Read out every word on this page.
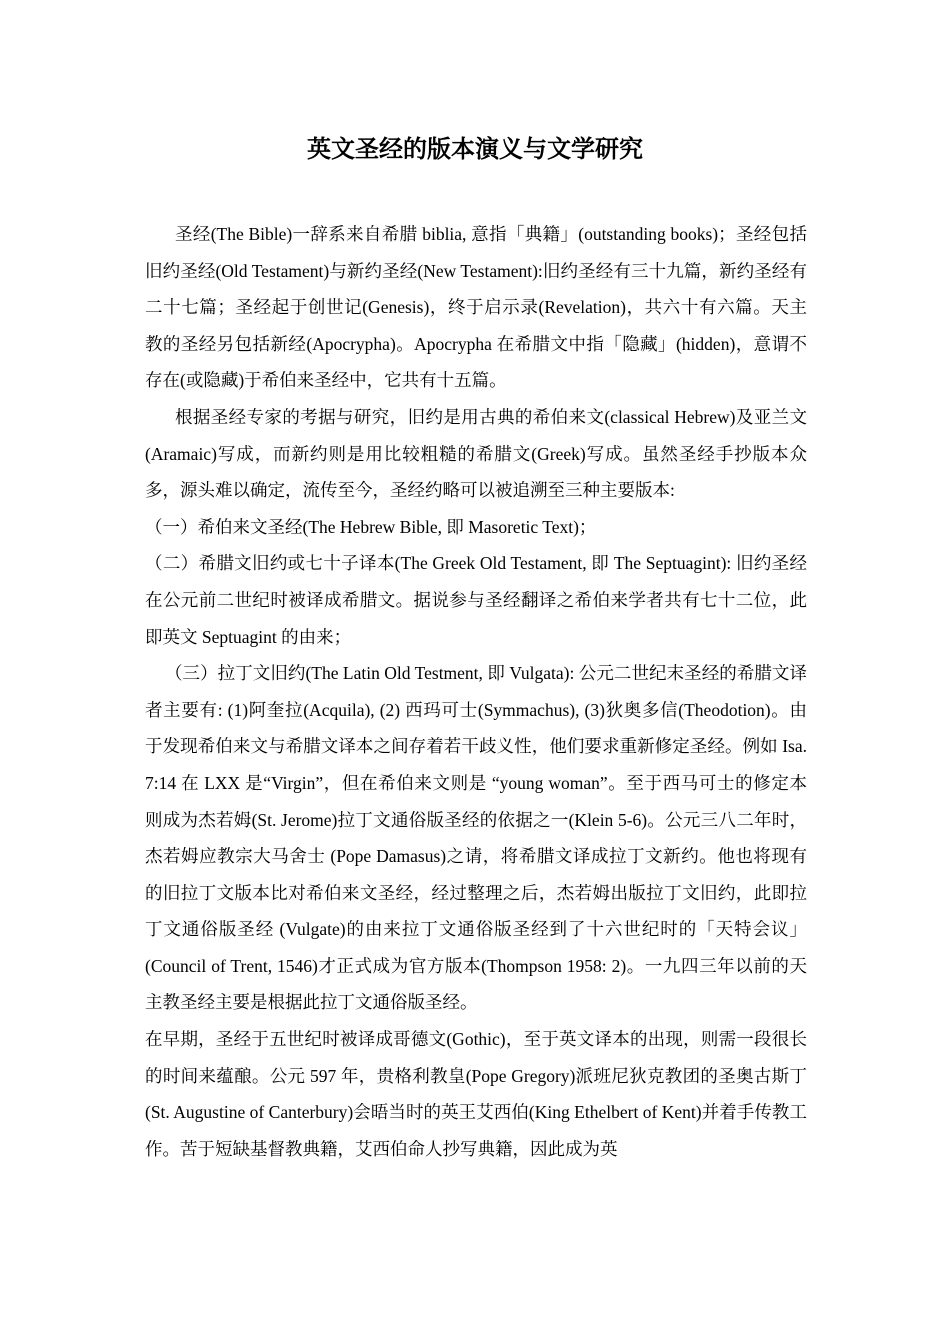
英文圣经的版本演义与文学研究

圣经(The Bible)一辞系来自希腊 biblia, 意指「典籍」(outstanding books)；圣经包括旧约圣经(Old Testament)与新约圣经(New Testament):旧约圣经有三十九篇，新约圣经有二十七篇；圣经起于创世记(Genesis)，终于启示录(Revelation)，共六十有六篇。天主教的圣经另包括新经(Apocrypha)。Apocrypha 在希腊文中指「隐藏」(hidden)，意谓不存在(或隐藏)于希伯来圣经中，它共有十五篇。

根据圣经专家的考据与研究，旧约是用古典的希伯来文(classical Hebrew)及亚兰文(Aramaic)写成，而新约则是用比较粗糙的希腊文(Greek)写成。虽然圣经手抄版本众多，源头难以确定，流传至今，圣经约略可以被追溯至三种主要版本:

（一）希伯来文圣经(The Hebrew Bible, 即 Masoretic Text)；

（二）希腊文旧约或七十子译本(The Greek Old Testament, 即 The Septuagint): 旧约圣经在公元前二世纪时被译成希腊文。据说参与圣经翻译之希伯来学者共有七十二位，此即英文 Septuagint 的由来；

（三）拉丁文旧约(The Latin Old Testment, 即 Vulgata): 公元二世纪末圣经的希腊文译者主要有: (1)阿奎拉(Acquila), (2) 西玛可士(Symmachus), (3)狄奥多信(Theodotion)。由于发现希伯来文与希腊文译本之间存着若干歧义性，他们要求重新修定圣经。例如 Isa. 7:14 在 LXX 是“Virgin”，但在希伯来文则是 “young woman”。至于西马可士的修定本则成为杰若姆(St. Jerome)拉丁文通俗版圣经的依据之一(Klein 5-6)。公元三八二年时，杰若姆应教宗大马舍士 (Pope Damasus)之请，将希腊文译成拉丁文新约。他也将现有的旧拉丁文版本比对希伯来文圣经，经过整理之后，杰若姆出版拉丁文旧约，此即拉丁文通俗版圣经 (Vulgate)的由来拉丁文通俗版圣经到了十六世纪时的「天特会议」(Council of Trent, 1546)才正式成为官方版本(Thompson 1958: 2)。一九四三年以前的天主教圣经主要是根据此拉丁文通俗版圣经。

在早期，圣经于五世纪时被译成哥德文(Gothic)，至于英文译本的出现，则需一段很长的时间来蕴酿。公元 597 年，贵格利教皇(Pope Gregory)派班尼狄克教团的圣奥古斯丁(St. Augustine of Canterbury)会晤当时的英王艾西伯(King Ethelbert of Kent)并着手传教工作。苦于短缺基督教典籍，艾西伯命人抄写典籍，因此成为英
